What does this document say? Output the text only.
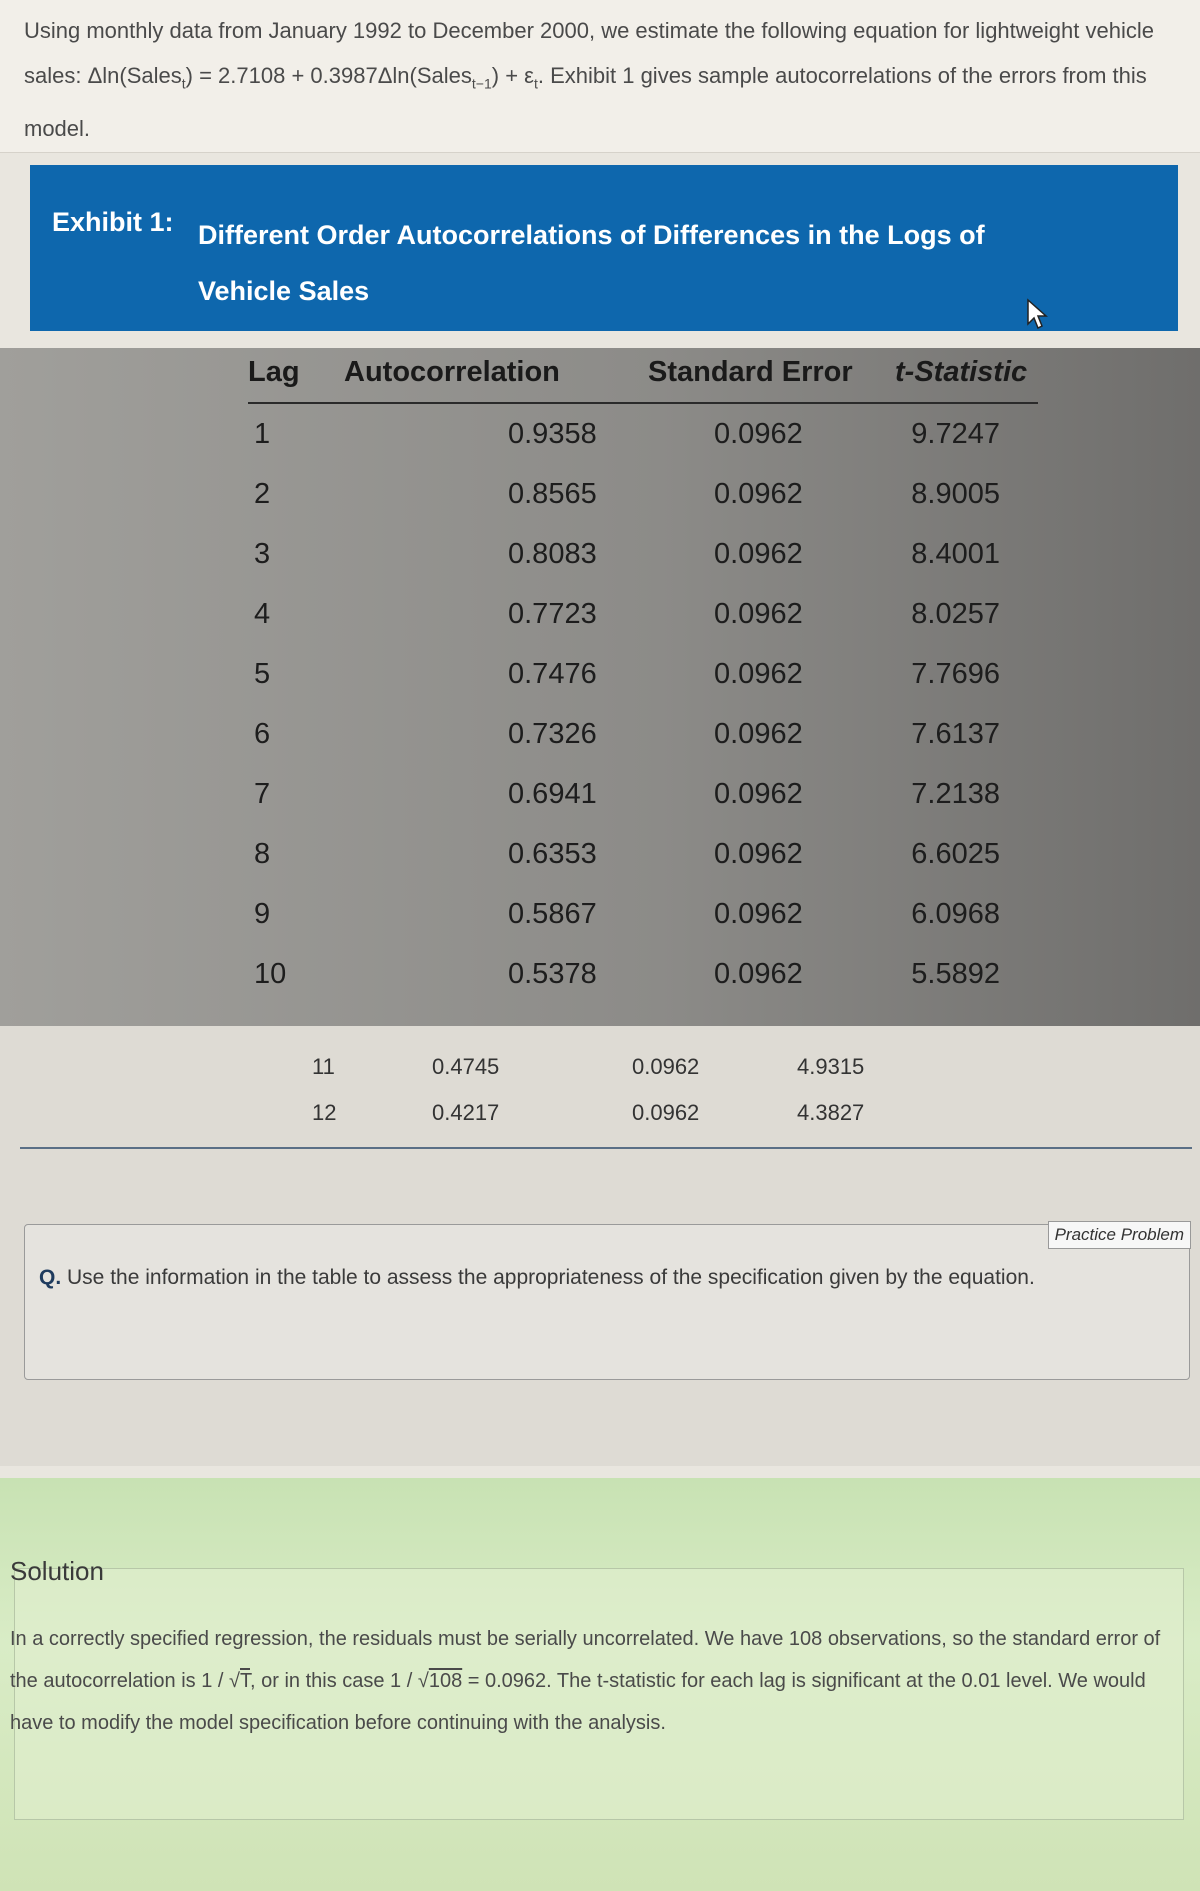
Using monthly data from January 1992 to December 2000, we estimate the following equation for lightweight vehicle sales: Δln(Sales$_t$) = 2.7108 + 0.3987Δln(Sales$_{t-1}$) + $\varepsilon_t$. Exhibit 1 gives sample autocorrelations of the errors from this model.

Exhibit 1: Different Order Autocorrelations of Differences in the Logs of Vehicle Sales
Lag	Autocorrelation	Standard Error	t-Statistic
1	0.9358	0.0962	9.7247
2	0.8565	0.0962	8.9005
3	0.8083	0.0962	8.4001
4	0.7723	0.0962	8.0257
5	0.7476	0.0962	7.7696
6	0.7326	0.0962	7.6137
7	0.6941	0.0962	7.2138
8	0.6353	0.0962	6.6025
9	0.5867	0.0962	6.0968
10	0.5378	0.0962	5.5892
11	0.4745	0.0962	4.9315
12	0.4217	0.0962	4.3827
Practice Problem
Q. Use the information in the table to assess the appropriateness of the specification given by the equation.
Solution
In a correctly specified regression, the residuals must be serially uncorrelated. We have 108 observations, so the standard error of the autocorrelation is 1 / √T, or in this case 1 / √108 = 0.0962. The t-statistic for each lag is significant at the 0.01 level. We would have to modify the model specification before continuing with the analysis.
